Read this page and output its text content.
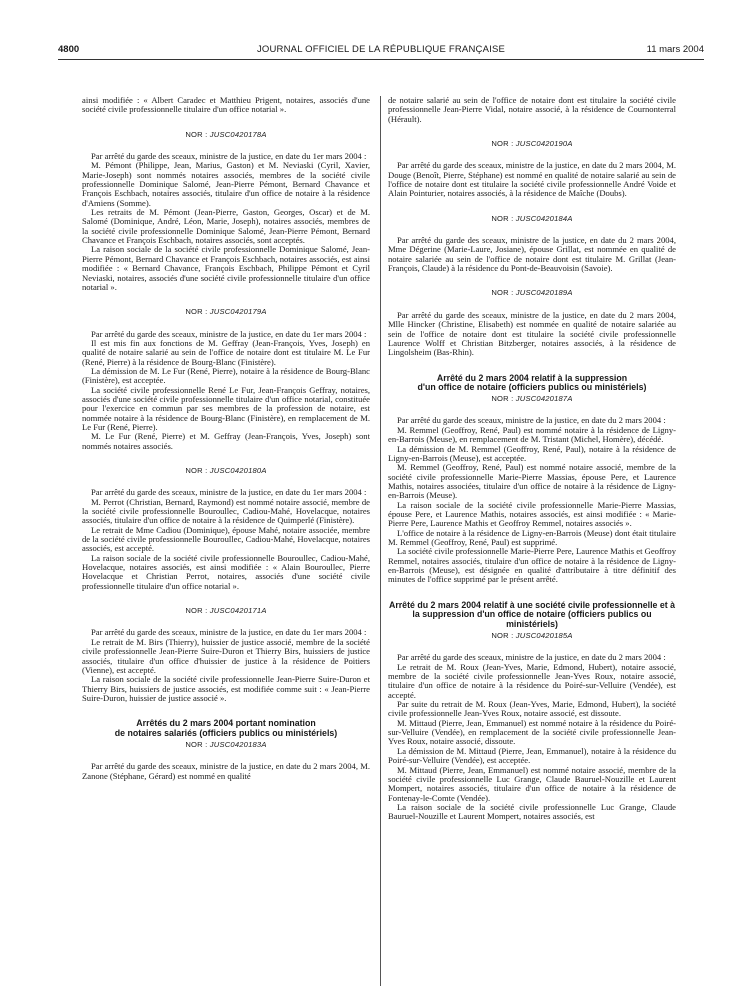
4800	JOURNAL OFFICIEL DE LA RÉPUBLIQUE FRANÇAISE	11 mars 2004

ainsi modifiée : « Albert Caradec et Matthieu Prigent, notaires, associés d'une société civile professionnelle titulaire d'un office notarial ».

NOR : JUSC0420178A

Par arrêté du garde des sceaux, ministre de la justice, en date du 1er mars 2004 :

M. Pémont (Philippe, Jean, Marius, Gaston) et M. Neviaski (Cyril, Xavier, Marie-Joseph) sont nommés notaires associés, membres de la société civile professionnelle Dominique Salomé, Jean-Pierre Pémont, Bernard Chavance et François Eschbach, notaires associés, titulaire d'un office de notaire à la résidence d'Amiens (Somme).

Les retraits de M. Pémont (Jean-Pierre, Gaston, Georges, Oscar) et de M. Salomé (Dominique, André, Léon, Marie, Joseph), notaires associés, membres de la société civile professionnelle Dominique Salomé, Jean-Pierre Pémont, Bernard Chavance et François Eschbach, notaires associés, sont acceptés.

La raison sociale de la société civile professionnelle Dominique Salomé, Jean-Pierre Pémont, Bernard Chavance et François Eschbach, notaires associés, est ainsi modifiée : « Bernard Chavance, François Eschbach, Philippe Pémont et Cyril Neviaski, notaires, associés d'une société civile professionnelle titulaire d'un office notarial ».

NOR : JUSC0420179A

Par arrêté du garde des sceaux, ministre de la justice, en date du 1er mars 2004 :

Il est mis fin aux fonctions de M. Geffray (Jean-François, Yves, Joseph) en qualité de notaire salarié au sein de l'office de notaire dont est titulaire M. Le Fur (René, Pierre) à la résidence de Bourg-Blanc (Finistère).

La démission de M. Le Fur (René, Pierre), notaire à la résidence de Bourg-Blanc (Finistère), est acceptée.

La société civile professionnelle René Le Fur, Jean-François Geffray, notaires, associés d'une société civile professionnelle titulaire d'un office notarial, constituée pour l'exercice en commun par ses membres de la profession de notaire, est nommée notaire à la résidence de Bourg-Blanc (Finistère), en remplacement de M. Le Fur (René, Pierre).

M. Le Fur (René, Pierre) et M. Geffray (Jean-François, Yves, Joseph) sont nommés notaires associés.

NOR : JUSC0420180A

Par arrêté du garde des sceaux, ministre de la justice, en date du 1er mars 2004 :

M. Perrot (Christian, Bernard, Raymond) est nommé notaire associé, membre de la société civile professionnelle Bouroullec, Cadiou-Mahé, Hovelacque, notaires associés, titulaire d'un office de notaire à la résidence de Quimperlé (Finistère).

Le retrait de Mme Cadiou (Dominique), épouse Mahé, notaire associée, membre de la société civile professionnelle Bouroullec, Cadiou-Mahé, Hovelacque, notaires associés, est accepté.

La raison sociale de la société civile professionnelle Bouroullec, Cadiou-Mahé, Hovelacque, notaires associés, est ainsi modifiée : « Alain Bouroullec, Pierre Hovelacque et Christian Perrot, notaires, associés d'une société civile professionnelle titulaire d'un office notarial ».

NOR : JUSC0420171A

Par arrêté du garde des sceaux, ministre de la justice, en date du 1er mars 2004 :

Le retrait de M. Birs (Thierry), huissier de justice associé, membre de la société civile professionnelle Jean-Pierre Suire-Duron et Thierry Birs, huissiers de justice associés, titulaire d'un office d'huissier de justice à la résidence de Poitiers (Vienne), est accepté.

La raison sociale de la société civile professionnelle Jean-Pierre Suire-Duron et Thierry Birs, huissiers de justice associés, est modifiée comme suit : « Jean-Pierre Suire-Duron, huissier de justice associé ».

Arrêtés du 2 mars 2004 portant nomination
de notaires salariés (officiers publics ou ministériels)
NOR : JUSC0420183A

Par arrêté du garde des sceaux, ministre de la justice, en date du 2 mars 2004, M. Zanone (Stéphane, Gérard) est nommé en qualité

de notaire salarié au sein de l'office de notaire dont est titulaire la société civile professionnelle Jean-Pierre Vidal, notaire associé, à la résidence de Cournonterral (Hérault).

NOR : JUSC0420190A

Par arrêté du garde des sceaux, ministre de la justice, en date du 2 mars 2004, M. Douge (Benoît, Pierre, Stéphane) est nommé en qualité de notaire salarié au sein de l'office de notaire dont est titulaire la société civile professionnelle André Voide et Alain Pointurier, notaires associés, à la résidence de Maîche (Doubs).

NOR : JUSC0420184A

Par arrêté du garde des sceaux, ministre de la justice, en date du 2 mars 2004, Mme Dégerine (Marie-Laure, Josiane), épouse Grillat, est nommée en qualité de notaire salariée au sein de l'office de notaire dont est titulaire M. Grillat (Jean-François, Claude) à la résidence du Pont-de-Beauvoisin (Savoie).

NOR : JUSC0420189A

Par arrêté du garde des sceaux, ministre de la justice, en date du 2 mars 2004, Mlle Hincker (Christine, Elisabeth) est nommée en qualité de notaire salariée au sein de l'office de notaire dont est titulaire la société civile professionnelle Laurence Wolff et Christian Bitzberger, notaires associés, à la résidence de Lingolsheim (Bas-Rhin).

Arrêté du 2 mars 2004 relatif à la suppression
d'un office de notaire (officiers publics ou ministériels)
NOR : JUSC0420187A

Par arrêté du garde des sceaux, ministre de la justice, en date du 2 mars 2004 :

M. Remmel (Geoffroy, René, Paul) est nommé notaire à la résidence de Ligny-en-Barrois (Meuse), en remplacement de M. Tristant (Michel, Homère), décédé.

La démission de M. Remmel (Geoffroy, René, Paul), notaire à la résidence de Ligny-en-Barrois (Meuse), est acceptée.

M. Remmel (Geoffroy, René, Paul) est nommé notaire associé, membre de la société civile professionnelle Marie-Pierre Massias, épouse Pere, et Laurence Mathis, notaires associées, titulaire d'un office de notaire à la résidence de Ligny-en-Barrois (Meuse).

La raison sociale de la société civile professionnelle Marie-Pierre Massias, épouse Pere, et Laurence Mathis, notaires associés, est ainsi modifiée : « Marie-Pierre Pere, Laurence Mathis et Geoffroy Remmel, notaires associés ».

L'office de notaire à la résidence de Ligny-en-Barrois (Meuse) dont était titulaire M. Remmel (Geoffroy, René, Paul) est supprimé.

La société civile professionnelle Marie-Pierre Pere, Laurence Mathis et Geoffroy Remmel, notaires associés, titulaire d'un office de notaire à la résidence de Ligny-en-Barrois (Meuse), est désignée en qualité d'attributaire à titre définitif des minutes de l'office supprimé par le présent arrêté.

Arrêté du 2 mars 2004 relatif à une société civile professionnelle et à la suppression d'un office de notaire (officiers publics ou ministériels)
NOR : JUSC0420185A

Par arrêté du garde des sceaux, ministre de la justice, en date du 2 mars 2004 :

Le retrait de M. Roux (Jean-Yves, Marie, Edmond, Hubert), notaire associé, membre de la société civile professionnelle Jean-Yves Roux, notaire associé, titulaire d'un office de notaire à la résidence du Poiré-sur-Velluire (Vendée), est accepté.

Par suite du retrait de M. Roux (Jean-Yves, Marie, Edmond, Hubert), la société civile professionnelle Jean-Yves Roux, notaire associé, est dissoute.

M. Mittaud (Pierre, Jean, Emmanuel) est nommé notaire à la résidence du Poiré-sur-Velluire (Vendée), en remplacement de la société civile professionnelle Jean-Yves Roux, notaire associé, dissoute.

La démission de M. Mittaud (Pierre, Jean, Emmanuel), notaire à la résidence du Poiré-sur-Velluire (Vendée), est acceptée.

M. Mittaud (Pierre, Jean, Emmanuel) est nommé notaire associé, membre de la société civile professionnelle Luc Grange, Claude Bauruel-Nouzille et Laurent Mompert, notaires associés, titulaire d'un office de notaire à la résidence de Fontenay-le-Comte (Vendée).

La raison sociale de la société civile professionnelle Luc Grange, Claude Bauruel-Nouzille et Laurent Mompert, notaires associés, est
